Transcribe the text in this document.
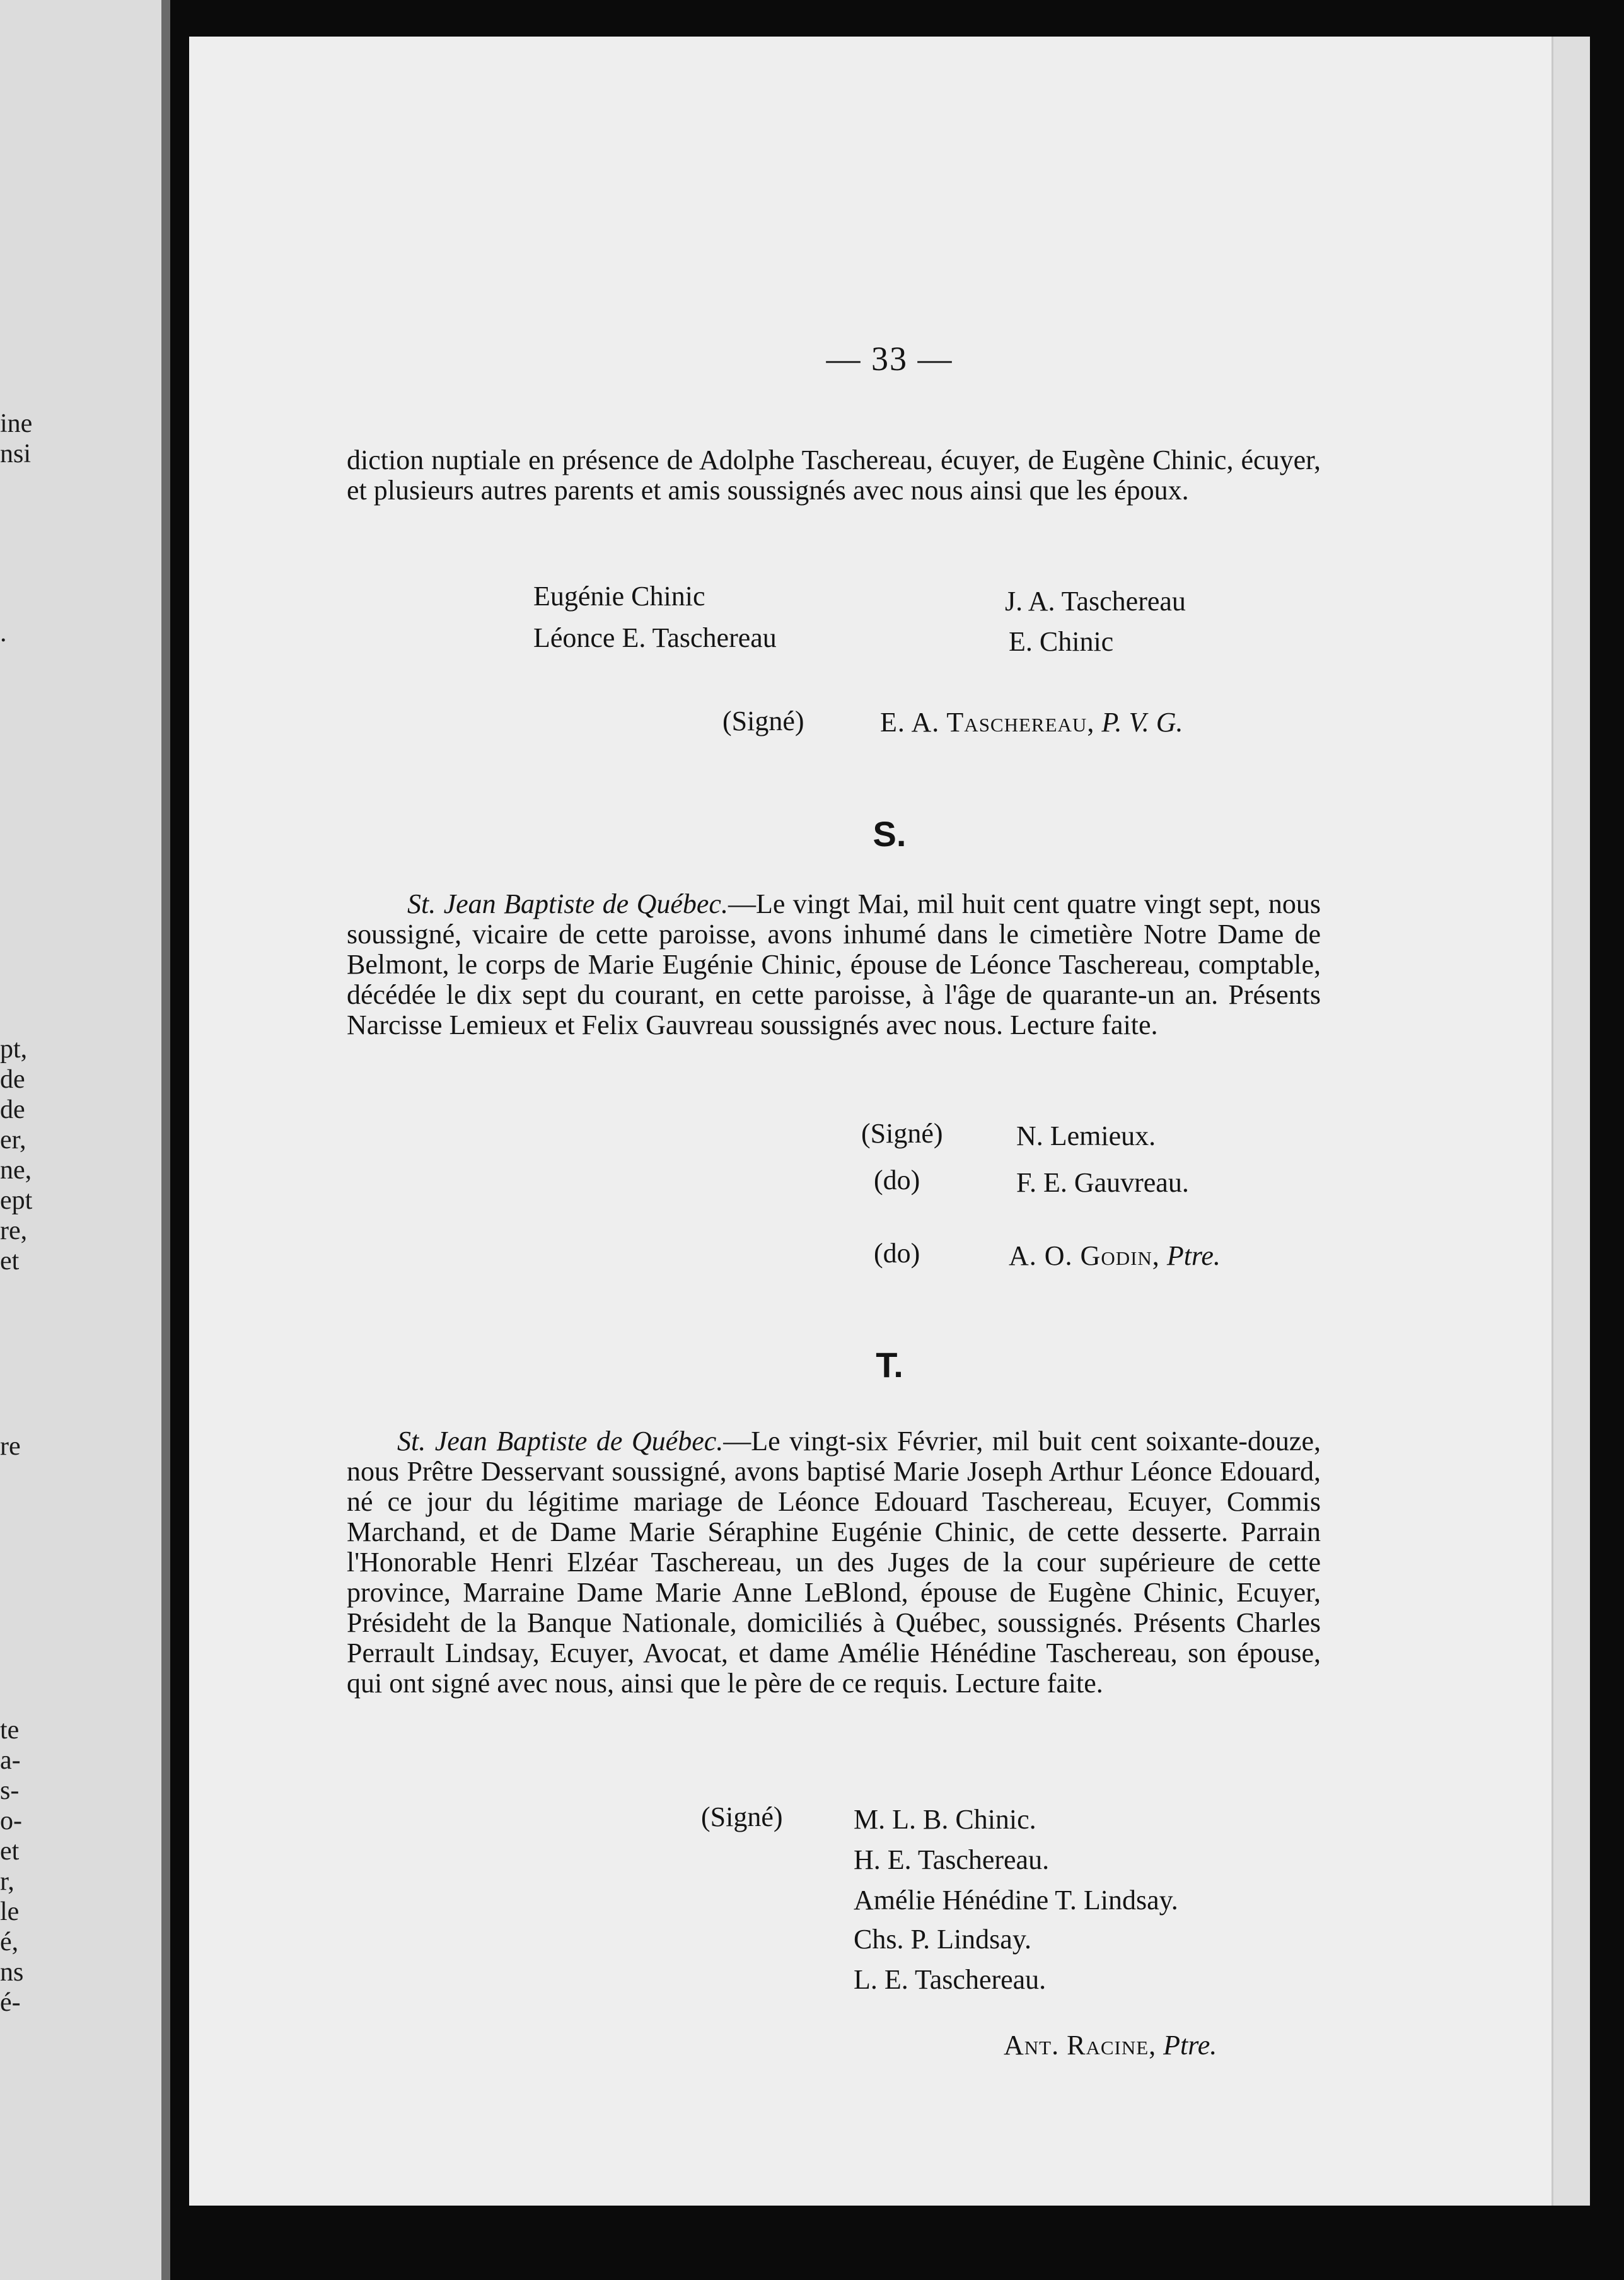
ine
nsi
.
pt,
de
de
er,
ne,
ept
re,
et
re
te
a-
s-
o-
et
r,
le
é,
ns
é-
— 33 —
diction nuptiale en présence de Adolphe Taschereau, écuyer, de Eugène Chinic, écuyer, et plusieurs autres parents et amis soussignés avec nous ainsi que les époux.
Eugénie Chinic
Léonce E. Taschereau
J. A. Taschereau
E. Chinic
(Signé)	E. A. Taschereau, P. V. G.
S.
St. Jean Baptiste de Québec.—Le vingt Mai, mil huit cent quatre vingt sept, nous soussigné, vicaire de cette paroisse, avons inhumé dans le cimetière Notre Dame de Belmont, le corps de Marie Eugénie Chinic, épouse de Léonce Taschereau, comptable, décédée le dix sept du courant, en cette paroisse, à l'âge de quarante-un an. Présents Narcisse Lemieux et Felix Gauvreau soussignés avec nous. Lecture faite.
(Signé)
(do)
(do)
N. Lemieux.
F. E. Gauvreau.
A. O. Godin, Ptre.
T.
St. Jean Baptiste de Québec.—Le vingt-six Février, mil buit cent soixante-douze, nous Prêtre Desservant soussigné, avons baptisé Marie Joseph Arthur Léonce Edouard, né ce jour du légitime mariage de Léonce Edouard Taschereau, Ecuyer, Commis Marchand, et de Dame Marie Séraphine Eugénie Chinic, de cette desserte. Parrain l'Honorable Henri Elzéar Taschereau, un des Juges de la cour supérieure de cette province, Marraine Dame Marie Anne LeBlond, épouse de Eugène Chinic, Ecuyer, Présideht de la Banque Nationale, domiciliés à Québec, soussignés. Présents Charles Perrault Lindsay, Ecuyer, Avocat, et dame Amélie Hénédine Taschereau, son épouse, qui ont signé avec nous, ainsi que le père de ce requis. Lecture faite.
(Signé)	M. L. B. Chinic.
H. E. Taschereau.
Amélie Hénédine T. Lindsay.
Chs. P. Lindsay.
L. E. Taschereau.
Ant. Racine, Ptre.
